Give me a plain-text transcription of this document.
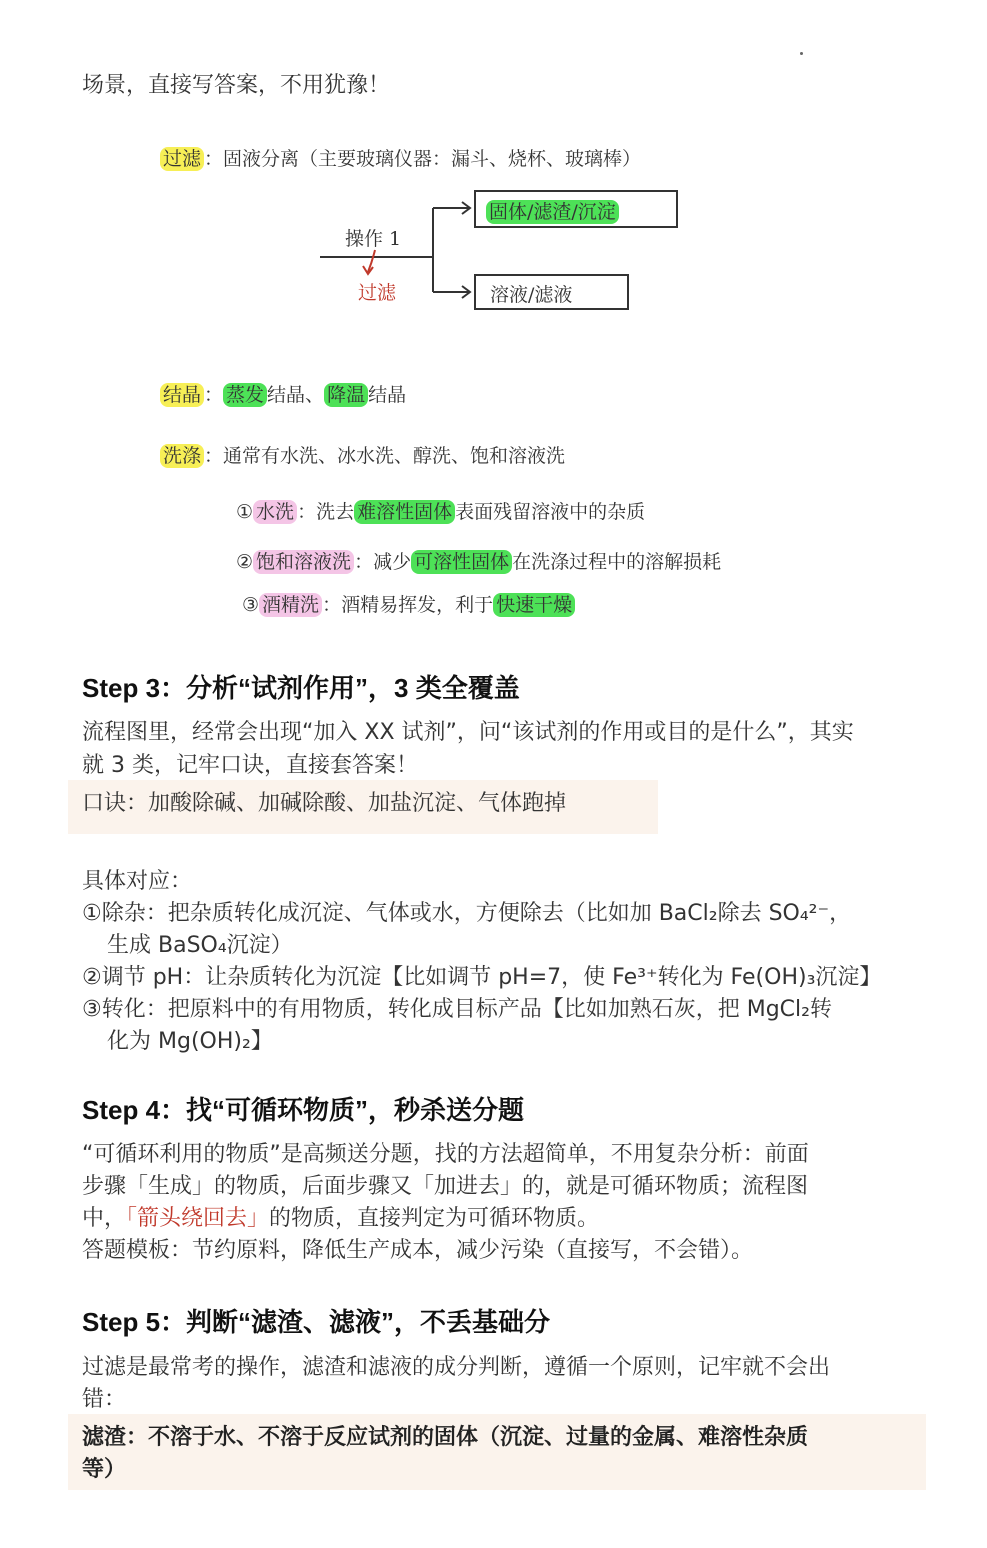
场景，直接写答案，不用犹豫！
过滤 ：固液分离（主要玻璃仪器：漏斗、烧杯、玻璃棒）
操作 1
过滤
固体/滤渣/沉淀
溶液/滤液
结晶 ： 蒸发 结晶、 降温 结晶
洗涤 ：通常有水洗、冰水洗、醇洗、饱和溶液洗
① 水洗 ：洗去 难溶性固体 表面残留溶液中的杂质
② 饱和溶液洗 ：减少 可溶性固体 在洗涤过程中的溶解损耗
③ 酒精洗 ：酒精易挥发，利于 快速干燥
Step 3：分析“试剂作用”，3 类全覆盖
流程图里，经常会出现“加入 XX 试剂”，问“该试剂的作用或目的是什么”，其实
就 3 类，记牢口诀，直接套答案！
口诀：加酸除碱、加碱除酸、加盐沉淀、气体跑掉
具体对应：
①除杂：把杂质转化成沉淀、气体或水，方便除去（比如加 BaCl₂除去 SO₄²⁻，
生成 BaSO₄沉淀）
②调节 pH：让杂质转化为沉淀【比如调节 pH=7，使 Fe³⁺转化为 Fe(OH)₃沉淀】
③转化：把原料中的有用物质，转化成目标产品【比如加熟石灰，把 MgCl₂转
化为 Mg(OH)₂】
Step 4：找“可循环物质”，秒杀送分题
“可循环利用的物质”是高频送分题，找的方法超简单，不用复杂分析：前面
步骤「生成」的物质，后面步骤又「加进去」的，就是可循环物质；流程图
中，「箭头绕回去」的物质，直接判定为可循环物质。
答题模板：节约原料，降低生产成本，减少污染（直接写，不会错）。
Step 5：判断“滤渣、滤液”，不丢基础分
过滤是最常考的操作，滤渣和滤液的成分判断，遵循一个原则，记牢就不会出
错：
滤渣：不溶于水、不溶于反应试剂的固体（沉淀、过量的金属、难溶性杂质
等）
